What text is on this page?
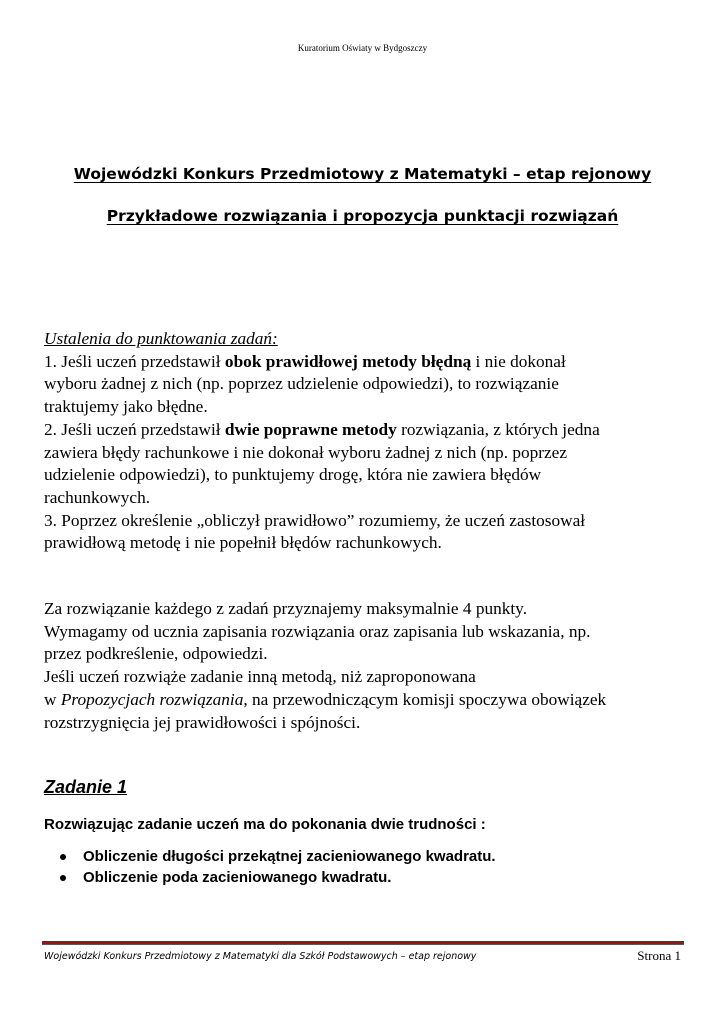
Kuratorium Oświaty w Bydgoszczy
Wojewódzki Konkurs Przedmiotowy z Matematyki – etap rejonowy
Przykładowe rozwiązania i propozycja punktacji rozwiązań
Ustalenia do punktowania zadań:
1. Jeśli uczeń przedstawił obok prawidłowej metody błędną i nie dokonał
wyboru żadnej z nich (np. poprzez udzielenie odpowiedzi), to rozwiązanie
traktujemy jako błędne.
2. Jeśli uczeń przedstawił dwie poprawne metody rozwiązania, z których jedna
zawiera błędy rachunkowe i nie dokonał wyboru żadnej z nich (np. poprzez
udzielenie odpowiedzi), to punktujemy drogę, która nie zawiera błędów
rachunkowych.
3. Poprzez określenie „obliczył prawidłowo” rozumiemy, że uczeń zastosował
prawidłową metodę i nie popełnił błędów rachunkowych.
Za rozwiązanie każdego z zadań przyznajemy maksymalnie 4 punkty.
Wymagamy od ucznia zapisania rozwiązania oraz zapisania lub wskazania, np.
przez podkreślenie, odpowiedzi.
Jeśli uczeń rozwiąże zadanie inną metodą, niż zaproponowana
w Propozycjach rozwiązania, na przewodniczącym komisji spoczywa obowiązek
rozstrzygnięcia jej prawidłowości i spójności.
Zadanie 1
Rozwiązując zadanie uczeń ma do pokonania dwie trudności :
Obliczenie długości przekątnej zacieniowanego kwadratu.
Obliczenie poda zacieniowanego kwadratu.
Wojewódzki Konkurs Przedmiotowy z Matematyki dla Szkół Podstawowych – etap rejonowy	Strona 1
